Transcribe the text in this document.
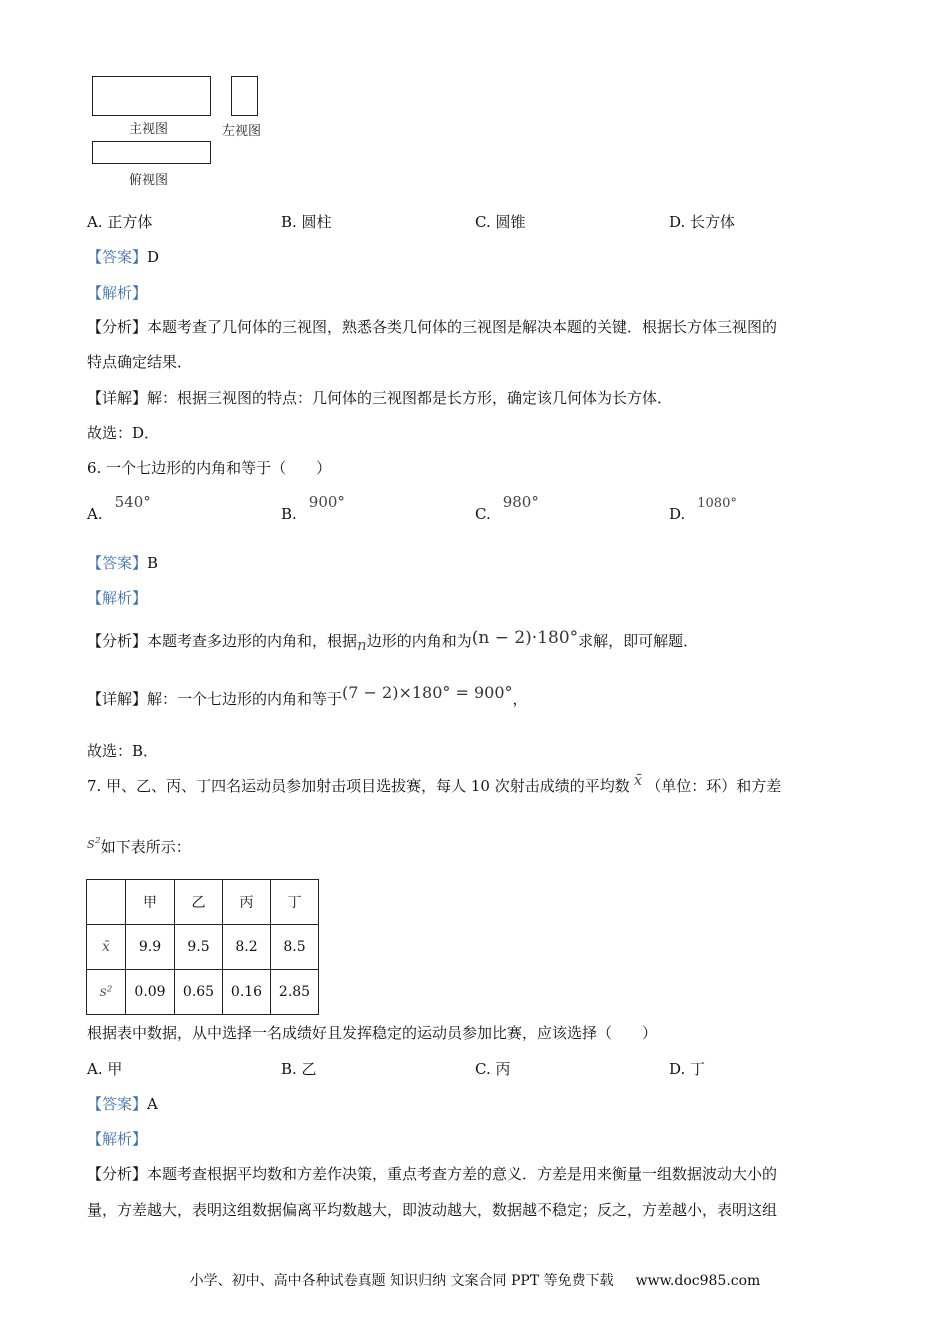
主视图	左视图
俯视图
A. 正方体	B. 圆柱	C. 圆锥	D. 长方体
【答案】D
【解析】
【分析】本题考查了几何体的三视图，熟悉各类几何体的三视图是解决本题的关键．根据长方体三视图的
特点确定结果．
【详解】解：根据三视图的特点：几何体的三视图都是长方形，确定该几何体为长方体．
故选：D．
6. 一个七边形的内角和等于（　　）
A.540°
B.900°
C.980°
D.1080°
【答案】B
【解析】
【分析】本题考查多边形的内角和，根据n边形的内角和为(n − 2)·180°求解，即可解题．
【详解】解：一个七边形的内角和等于(7 − 2)×180° = 900°，
故选：B．
7. 甲、乙、丙、丁四名运动员参加射击项目选拔赛，每人 10 次射击成绩的平均数 x̄ （单位：环）和方差
s²如下表所示：
	甲	乙	丙	丁
x̄	9.9	9.5	8.2	8.5
s²	0.09	0.65	0.16	2.85
根据表中数据，从中选择一名成绩好且发挥稳定的运动员参加比赛，应该选择（　　）
A. 甲	B. 乙	C. 丙	D. 丁
【答案】A
【解析】
【分析】本题考查根据平均数和方差作决策，重点考查方差的意义．方差是用来衡量一组数据波动大小的
量，方差越大，表明这组数据偏离平均数越大，即波动越大，数据越不稳定；反之，方差越小，表明这组
小学、初中、高中各种试卷真题 知识归纳 文案合同 PPT 等免费下载 www.doc985.com
